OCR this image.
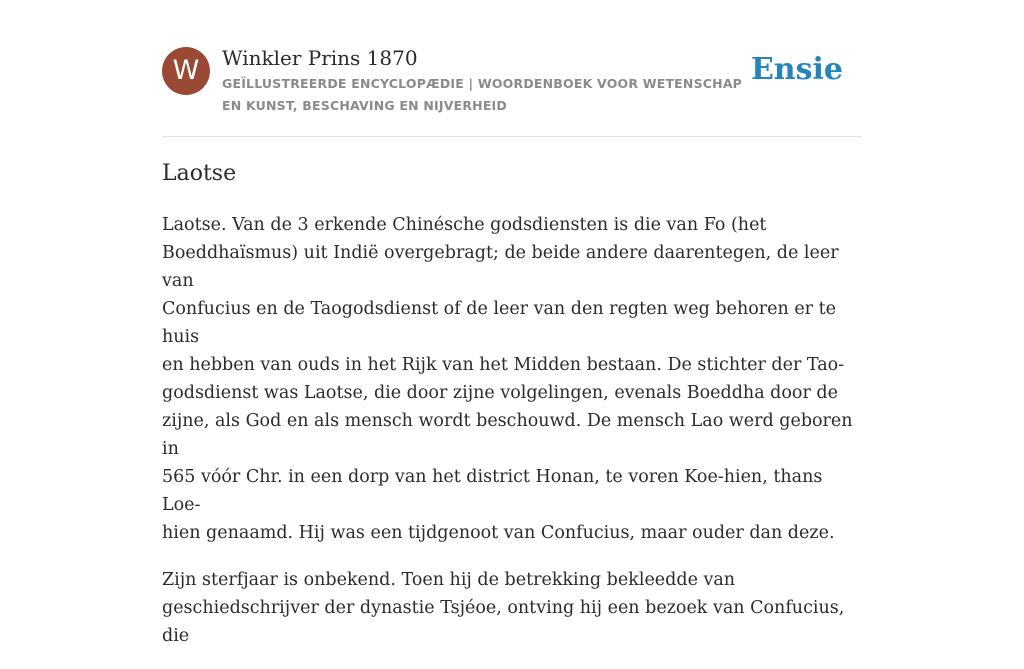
W	Winkler Prins 1870
GEÏLLUSTREERDE ENCYCLOPÆDIE | WOORDENBOEK VOOR WETENSCHAP EN KUNST, BESCHAVING EN NIJVERHEID
Ensie
Laotse

Laotse. Van de 3 erkende Chinésche godsdiensten is die van Fo (het
Boeddhaïsmus) uit Indië overgebragt; de beide andere daarentegen, de leer van
Confucius en de Taogodsdienst of de leer van den regten weg behoren er te huis
en hebben van ouds in het Rijk van het Midden bestaan. De stichter der Tao-
godsdienst was Laotse, die door zijne volgelingen, evenals Boeddha door de
zijne, als God en als mensch wordt beschouwd. De mensch Lao werd geboren in
565 vóór Chr. in een dorp van het district Honan, te voren Koe-hien, thans Loe-
hien genaamd. Hij was een tijdgenoot van Confucius, maar ouder dan deze.

Zijn sterfjaar is onbekend. Toen hij de betrekking bekleedde van
geschiedschrijver der dynastie Tsjéoe, ontving hij een bezoek van Confucius, die
